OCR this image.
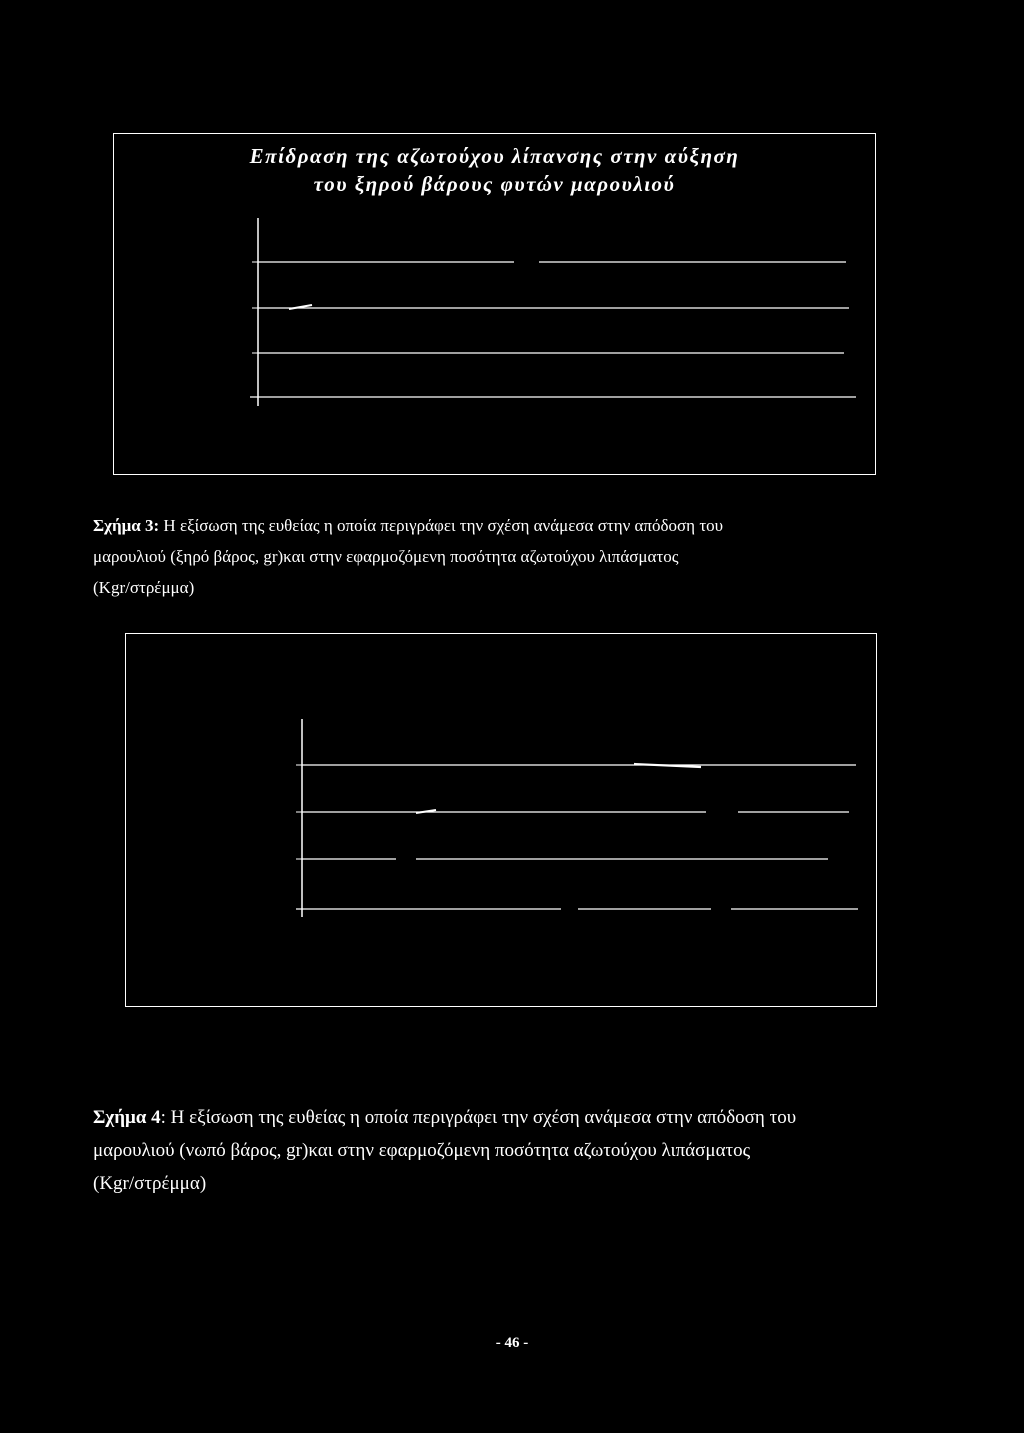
Επίδραση της αζωτούχου λίπανσης στην αύξηση
του ξηρού βάρους φυτών μαρουλιού
Σχήμα 3: Η εξίσωση της ευθείας η οποία περιγράφει την σχέση ανάμεσα στην απόδοση του
μαρουλιού (ξηρό βάρος, gr)και στην εφαρμοζόμενη ποσότητα αζωτούχου λιπάσματος
(Kgr/στρέμμα)
Σχήμα 4: Η εξίσωση της ευθείας η οποία περιγράφει την σχέση ανάμεσα στην απόδοση του
μαρουλιού (νωπό βάρος, gr)και στην εφαρμοζόμενη ποσότητα αζωτούχου λιπάσματος
(Kgr/στρέμμα)
- 46 -
